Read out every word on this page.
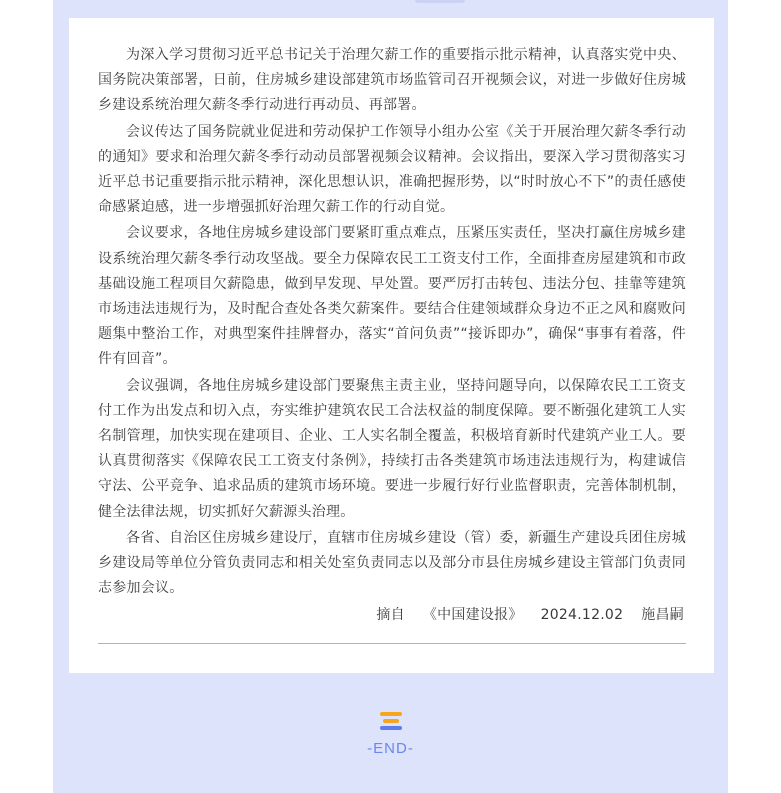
为深入学习贯彻习近平总书记关于治理欠薪工作的重要指示批示精神，认真落实党中央、国务院决策部署，日前，住房城乡建设部建筑市场监管司召开视频会议，对进一步做好住房城乡建设系统治理欠薪冬季行动进行再动员、再部署。

会议传达了国务院就业促进和劳动保护工作领导小组办公室《关于开展治理欠薪冬季行动的通知》要求和治理欠薪冬季行动动员部署视频会议精神。会议指出，要深入学习贯彻落实习近平总书记重要指示批示精神，深化思想认识，准确把握形势，以“时时放心不下”的责任感使命感紧迫感，进一步增强抓好治理欠薪工作的行动自觉。

会议要求，各地住房城乡建设部门要紧盯重点难点，压紧压实责任，坚决打赢住房城乡建设系统治理欠薪冬季行动攻坚战。要全力保障农民工工资支付工作，全面排查房屋建筑和市政基础设施工程项目欠薪隐患，做到早发现、早处置。要严厉打击转包、违法分包、挂靠等建筑市场违法违规行为，及时配合查处各类欠薪案件。要结合住建领域群众身边不正之风和腐败问题集中整治工作，对典型案件挂牌督办，落实“首问负责”“接诉即办”，确保“事事有着落，件件有回音”。

会议强调，各地住房城乡建设部门要聚焦主责主业，坚持问题导向，以保障农民工工资支付工作为出发点和切入点，夯实维护建筑农民工合法权益的制度保障。要不断强化建筑工人实名制管理，加快实现在建项目、企业、工人实名制全覆盖，积极培育新时代建筑产业工人。要认真贯彻落实《保障农民工工资支付条例》，持续打击各类建筑市场违法违规行为，构建诚信守法、公平竞争、追求品质的建筑市场环境。要进一步履行好行业监督职责，完善体制机制，健全法律法规，切实抓好欠薪源头治理。

各省、自治区住房城乡建设厅，直辖市住房城乡建设（管）委，新疆生产建设兵团住房城乡建设局等单位分管负责同志和相关处室负责同志以及部分市县住房城乡建设主管部门负责同志参加会议。

摘自 《中国建设报》 2024.12.02 施昌嗣

-END-
